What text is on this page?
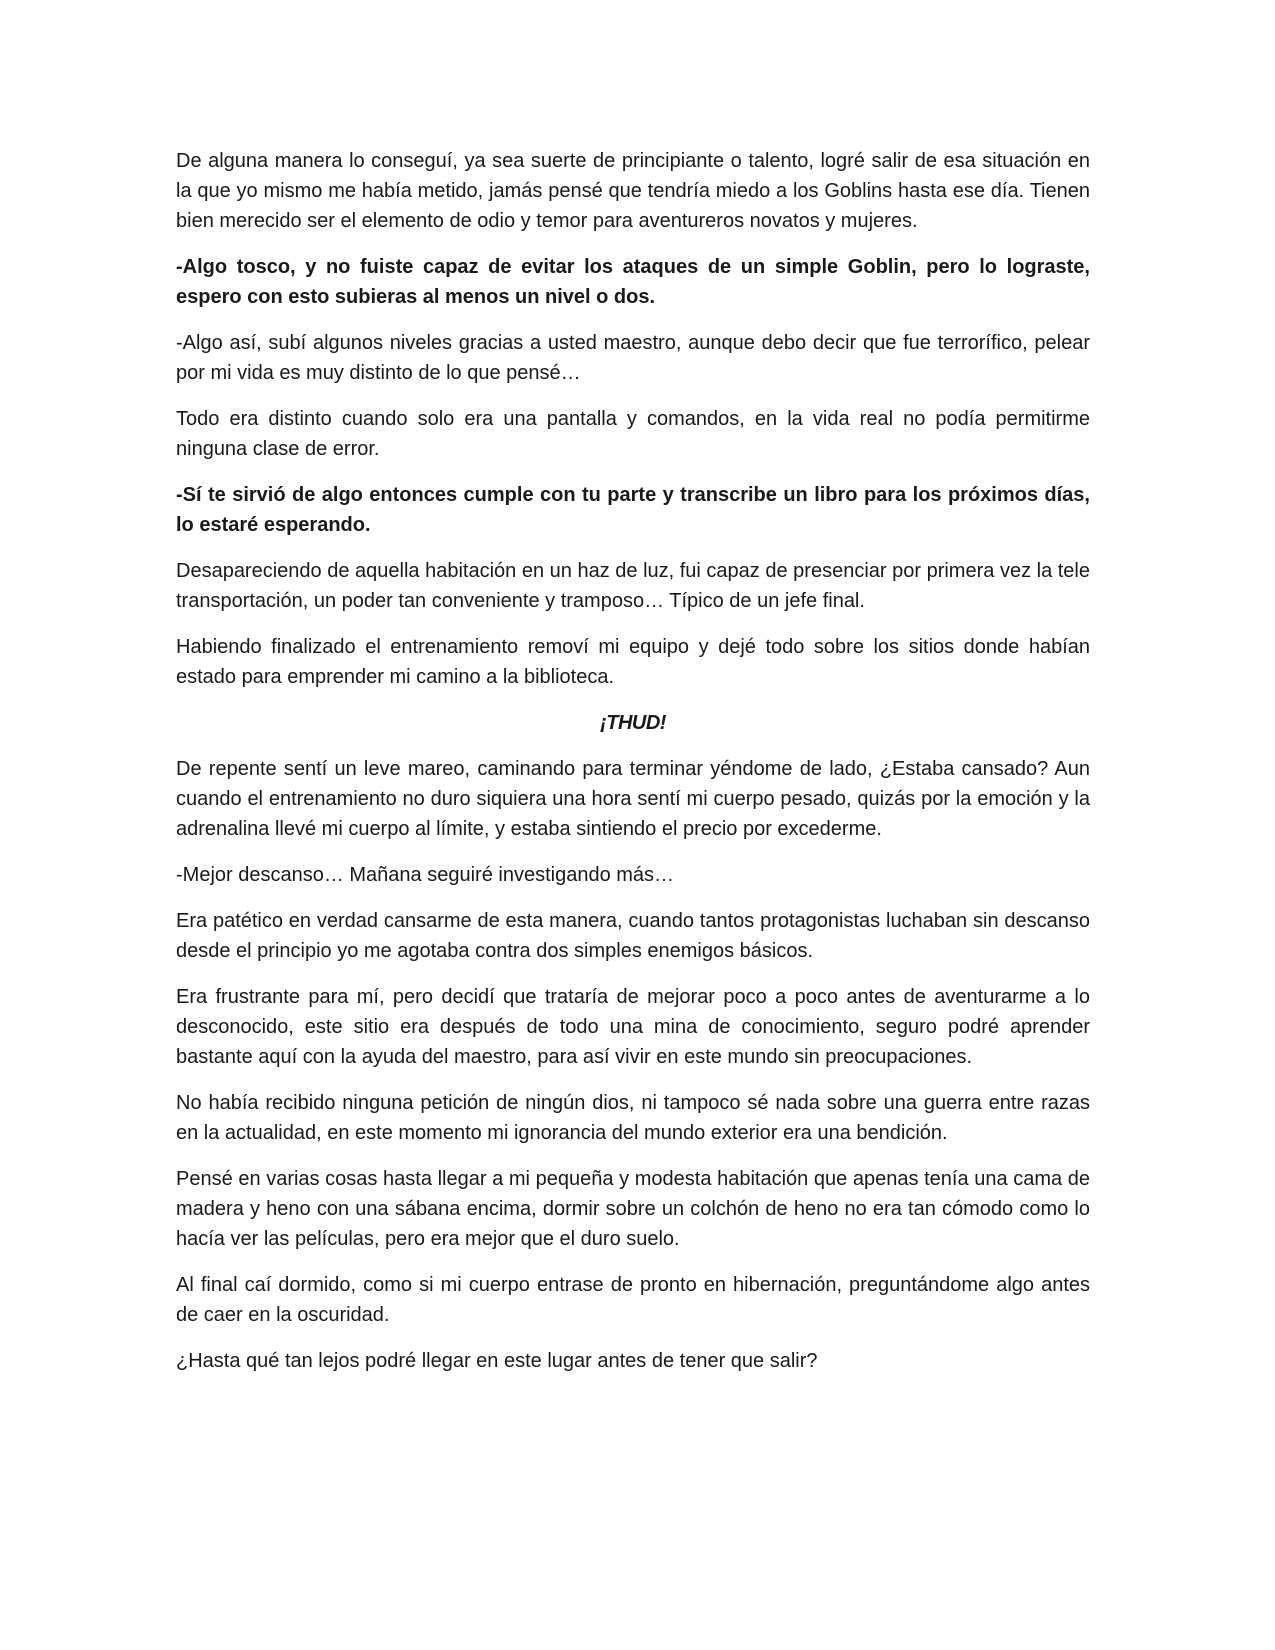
De alguna manera lo conseguí, ya sea suerte de principiante o talento, logré salir de esa situación en la que yo mismo me había metido, jamás pensé que tendría miedo a los Goblins hasta ese día. Tienen bien merecido ser el elemento de odio y temor para aventureros novatos y mujeres.

-Algo tosco, y no fuiste capaz de evitar los ataques de un simple Goblin, pero lo lograste, espero con esto subieras al menos un nivel o dos.

-Algo así, subí algunos niveles gracias a usted maestro, aunque debo decir que fue terrorífico, pelear por mi vida es muy distinto de lo que pensé…

Todo era distinto cuando solo era una pantalla y comandos, en la vida real no podía permitirme ninguna clase de error.

-Sí te sirvió de algo entonces cumple con tu parte y transcribe un libro para los próximos días, lo estaré esperando.

Desapareciendo de aquella habitación en un haz de luz, fui capaz de presenciar por primera vez la tele transportación, un poder tan conveniente y tramposo… Típico de un jefe final.

Habiendo finalizado el entrenamiento removí mi equipo y dejé todo sobre los sitios donde habían estado para emprender mi camino a la biblioteca.

¡THUD!

De repente sentí un leve mareo, caminando para terminar yéndome de lado, ¿Estaba cansado? Aun cuando el entrenamiento no duro siquiera una hora sentí mi cuerpo pesado, quizás por la emoción y la adrenalina llevé mi cuerpo al límite, y estaba sintiendo el precio por excederme.

-Mejor descanso… Mañana seguiré investigando más…

Era patético en verdad cansarme de esta manera, cuando tantos protagonistas luchaban sin descanso desde el principio yo me agotaba contra dos simples enemigos básicos.

Era frustrante para mí, pero decidí que trataría de mejorar poco a poco antes de aventurarme a lo desconocido, este sitio era después de todo una mina de conocimiento, seguro podré aprender bastante aquí con la ayuda del maestro, para así vivir en este mundo sin preocupaciones.

No había recibido ninguna petición de ningún dios, ni tampoco sé nada sobre una guerra entre razas en la actualidad, en este momento mi ignorancia del mundo exterior era una bendición.

Pensé en varias cosas hasta llegar a mi pequeña y modesta habitación que apenas tenía una cama de madera y heno con una sábana encima, dormir sobre un colchón de heno no era tan cómodo como lo hacía ver las películas, pero era mejor que el duro suelo.

Al final caí dormido, como si mi cuerpo entrase de pronto en hibernación, preguntándome algo antes de caer en la oscuridad.

¿Hasta qué tan lejos podré llegar en este lugar antes de tener que salir?
